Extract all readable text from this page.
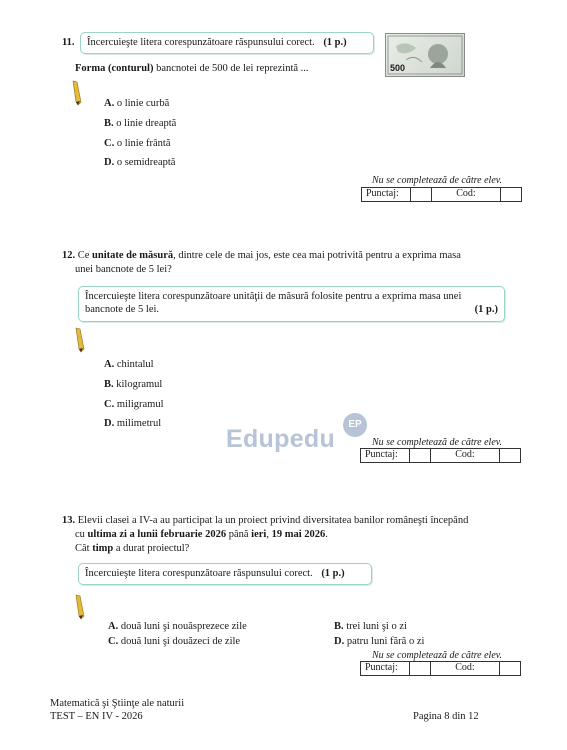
11.	Încercuieşte litera corespunzătoare răspunsului corect. (1 p.)
500
Forma (conturul) bancnotei de 500 de lei reprezintă ...
A. o linie curbă
B. o linie dreaptă
C. o linie frântă
D. o semidreaptă
Nu se completează de către elev.
Punctaj:		Cod:	
12. Ce unitate de măsură, dintre cele de mai jos, este cea mai potrivită pentru a exprima masa
unei bancnote de 5 lei?
Încercuieşte litera corespunzătoare unităţii de măsură folosite pentru a exprima masa unei
bancnote de 5 lei.	(1 p.)
A. chintalul
B. kilogramul
C. miligramul
D. milimetrul
Edupedu
EP
Nu se completează de către elev.
Punctaj:		Cod:	
13. Elevii clasei a IV-a au participat la un proiect privind diversitatea banilor româneşti începând
cu ultima zi a lunii februarie 2026 până ieri, 19 mai 2026.
Cât timp a durat proiectul?
Încercuieşte litera corespunzătoare răspunsului corect. (1 p.)
A. două luni şi nouăsprezece zile	B. trei luni şi o zi
C. două luni şi douăzeci de zile	D. patru luni fără o zi
Nu se completează de către elev.
Punctaj:		Cod:	
Matematică şi Ştiinţe ale naturii
TEST – EN IV - 2026	Pagina 8 din 12
